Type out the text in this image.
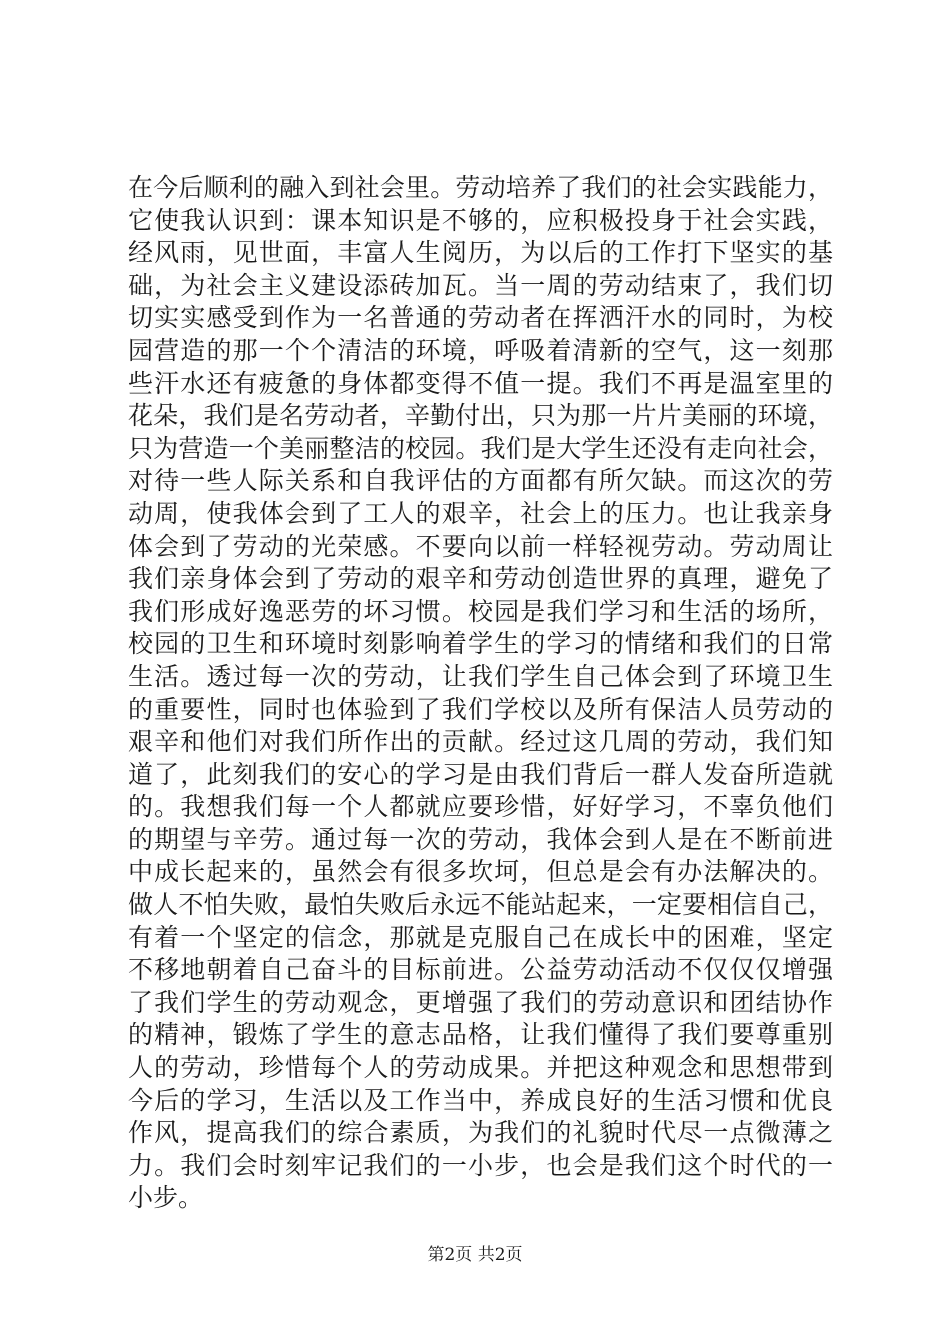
在今后顺利的融入到社会里。劳动培养了我们的社会实践能力，
它使我认识到：课本知识是不够的，应积极投身于社会实践，
经风雨，见世面，丰富人生阅历，为以后的工作打下坚实的基
础，为社会主义建设添砖加瓦。当一周的劳动结束了，我们切
切实实感受到作为一名普通的劳动者在挥洒汗水的同时，为校
园营造的那一个个清洁的环境，呼吸着清新的空气，这一刻那
些汗水还有疲惫的身体都变得不值一提。我们不再是温室里的
花朵，我们是名劳动者，辛勤付出，只为那一片片美丽的环境，
只为营造一个美丽整洁的校园。我们是大学生还没有走向社会，
对待一些人际关系和自我评估的方面都有所欠缺。而这次的劳
动周，使我体会到了工人的艰辛，社会上的压力。也让我亲身
体会到了劳动的光荣感。不要向以前一样轻视劳动。劳动周让
我们亲身体会到了劳动的艰辛和劳动创造世界的真理，避免了
我们形成好逸恶劳的坏习惯。校园是我们学习和生活的场所，
校园的卫生和环境时刻影响着学生的学习的情绪和我们的日常
生活。透过每一次的劳动，让我们学生自己体会到了环境卫生
的重要性，同时也体验到了我们学校以及所有保洁人员劳动的
艰辛和他们对我们所作出的贡献。经过这几周的劳动，我们知
道了，此刻我们的安心的学习是由我们背后一群人发奋所造就
的。我想我们每一个人都就应要珍惜，好好学习，不辜负他们
的期望与辛劳。通过每一次的劳动，我体会到人是在不断前进
中成长起来的，虽然会有很多坎坷，但总是会有办法解决的。
做人不怕失败，最怕失败后永远不能站起来，一定要相信自己，
有着一个坚定的信念，那就是克服自己在成长中的困难，坚定
不移地朝着自己奋斗的目标前进。公益劳动活动不仅仅仅增强
了我们学生的劳动观念，更增强了我们的劳动意识和团结协作
的精神，锻炼了学生的意志品格，让我们懂得了我们要尊重别
人的劳动，珍惜每个人的劳动成果。并把这种观念和思想带到
今后的学习，生活以及工作当中，养成良好的生活习惯和优良
作风，提高我们的综合素质，为我们的礼貌时代尽一点微薄之
力。我们会时刻牢记我们的一小步，也会是我们这个时代的一
小步。
第2页 共2页
